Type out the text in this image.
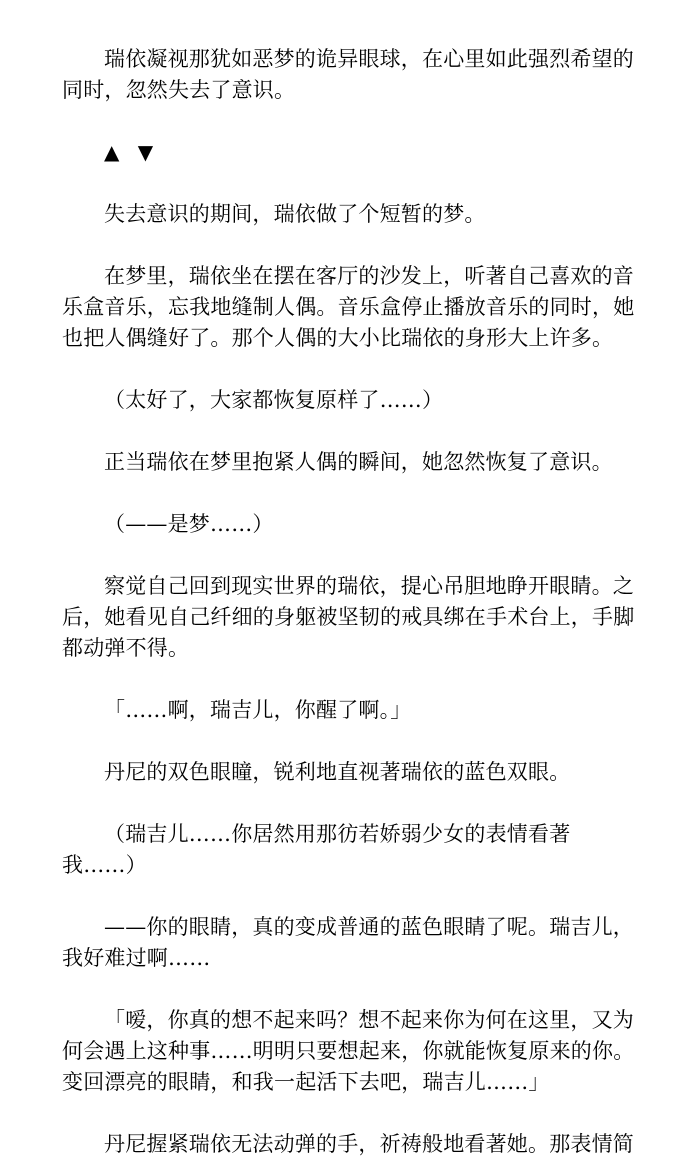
瑞依凝视那犹如恶梦的诡异眼球，在心里如此强烈希望的
同时，忽然失去了意识。

▲ ▼

失去意识的期间，瑞依做了个短暂的梦。

在梦里，瑞依坐在摆在客厅的沙发上，听著自己喜欢的音
乐盒音乐，忘我地缝制人偶。音乐盒停止播放音乐的同时，她
也把人偶缝好了。那个人偶的大小比瑞依的身形大上许多。

（太好了，大家都恢复原样了……）

正当瑞依在梦里抱紧人偶的瞬间，她忽然恢复了意识。

（——是梦……）

察觉自己回到现实世界的瑞依，提心吊胆地睁开眼睛。之
后，她看见自己纤细的身躯被坚韧的戒具绑在手术台上，手脚
都动弹不得。

「……啊，瑞吉儿，你醒了啊。」

丹尼的双色眼瞳，锐利地直视著瑞依的蓝色双眼。

（瑞吉儿……你居然用那彷若娇弱少女的表情看著
我……）

——你的眼睛，真的变成普通的蓝色眼睛了呢。瑞吉儿，
我好难过啊……

「嗳，你真的想不起来吗？想不起来你为何在这里，又为
何会遇上这种事……明明只要想起来，你就能恢复原来的你。
变回漂亮的眼睛，和我一起活下去吧，瑞吉儿……」

丹尼握紧瑞依无法动弹的手，祈祷般地看著她。那表情简
